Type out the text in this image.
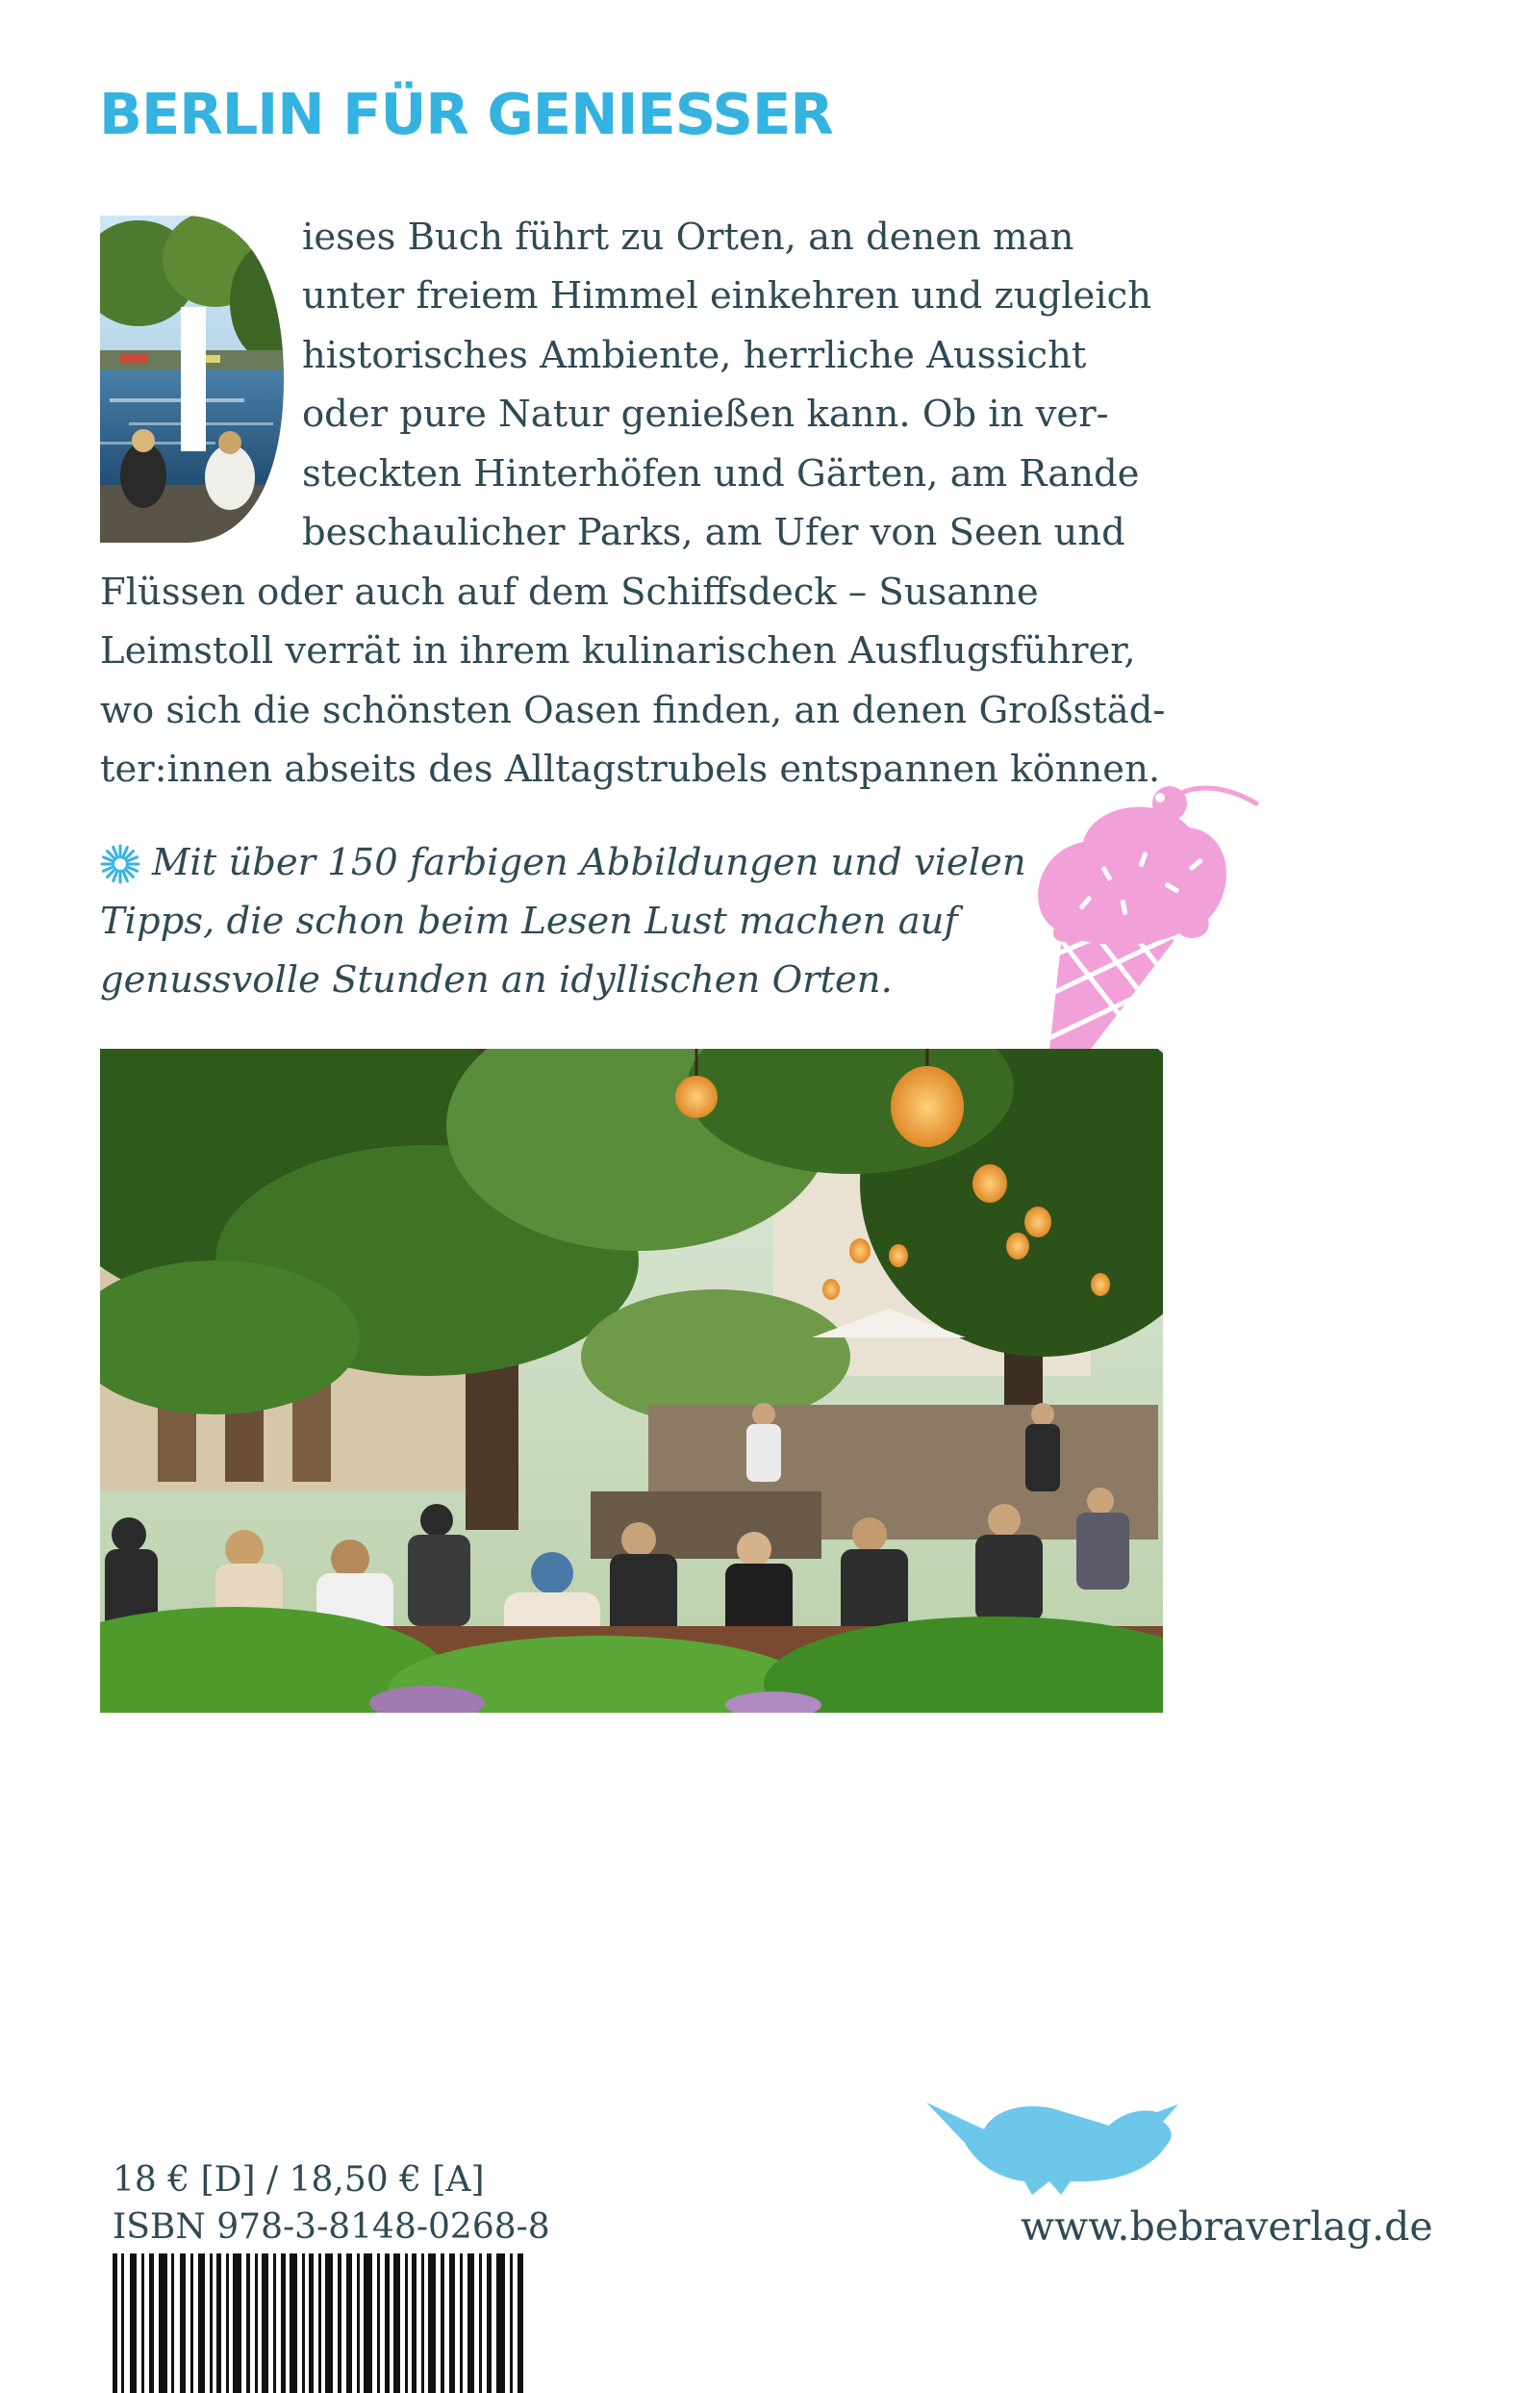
BERLIN FÜR GENIESSER
ieses Buch führt zu Orten, an denen man
unter freiem Himmel einkehren und zugleich
historisches Ambiente, herrliche Aussicht
oder pure Natur genießen kann. Ob in ver-
steckten Hinterhöfen und Gärten, am Rande
beschaulicher Parks, am Ufer von Seen und
Flüssen oder auch auf dem Schiffsdeck – Susanne
Leimstoll verrät in ihrem kulinarischen Ausflugsführer,
wo sich die schönsten Oasen finden, an denen Großstäd-
ter:innen abseits des Alltagstrubels entspannen können.
Mit über 150 farbigen Abbildungen und vielen
Tipps, die schon beim Lesen Lust machen auf
genussvolle Stunden an idyllischen Orten.
18 € [D] / 18,50 € [A]
ISBN 978-3-8148-0268-8	www.bebraverlag.de
